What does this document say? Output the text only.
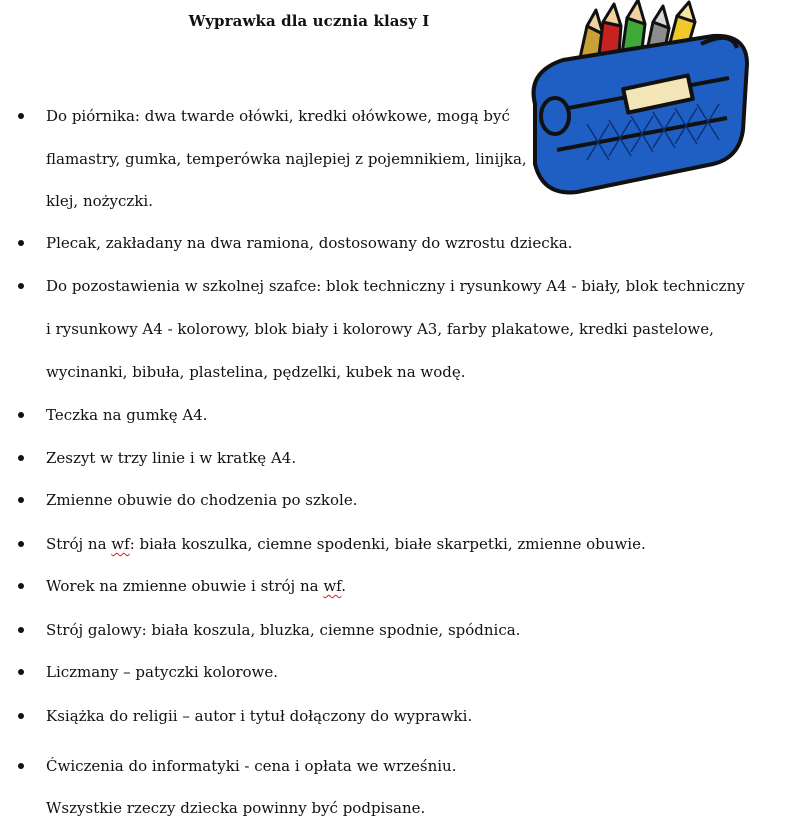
Wyprawka dla ucznia klasy I
Do piórnika: dwa twarde ołówki, kredki ołówkowe, mogą być
flamastry, gumka, temperówka najlepiej z pojemnikiem, linijka,
klej, nożyczki.
Plecak, zakładany na dwa ramiona, dostosowany do wzrostu dziecka.
Do pozostawienia w szkolnej szafce: blok techniczny i rysunkowy A4 - biały, blok techniczny
i rysunkowy A4 - kolorowy, blok biały i kolorowy A3, farby plakatowe, kredki pastelowe,
wycinanki, bibuła, plastelina, pędzelki, kubek na wodę.
Teczka na gumkę A4.
Zeszyt w trzy linie i w kratkę A4.
Zmienne obuwie do chodzenia po szkole.
Strój na wf: biała koszulka, ciemne spodenki, białe skarpetki, zmienne obuwie.
Worek na zmienne obuwie i strój na wf.
Strój galowy: biała koszula, bluzka, ciemne spodnie, spódnica.
Liczmany – patyczki kolorowe.
Książka do religii – autor i tytuł dołączony do wyprawki.
Ćwiczenia do informatyki - cena i opłata we wrześniu.
Wszystkie rzeczy dziecka powinny być podpisane.
